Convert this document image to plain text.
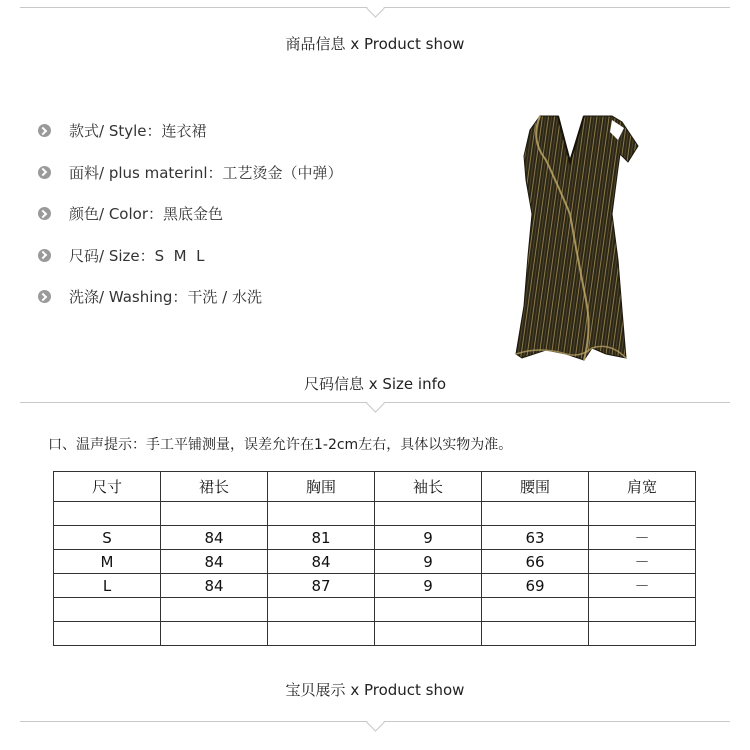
商品信息 x Product show
款式/ Style：连衣裙
面料/ plus materinl：工艺烫金（中弹）
颜色/ Color：黑底金色
尺码/ Size：S  M  L
洗涤/ Washing：干洗 / 水洗
尺码信息 x Size info
口、温声提示：手工平铺测量，误差允许在1-2cm左右，具体以实物为准。
尺寸	裙长	胸围	袖长	腰围	肩宽

S	84	81	9	63	－
M	84	84	9	66	－
L	84	87	9	69	－

宝贝展示 x Product show
